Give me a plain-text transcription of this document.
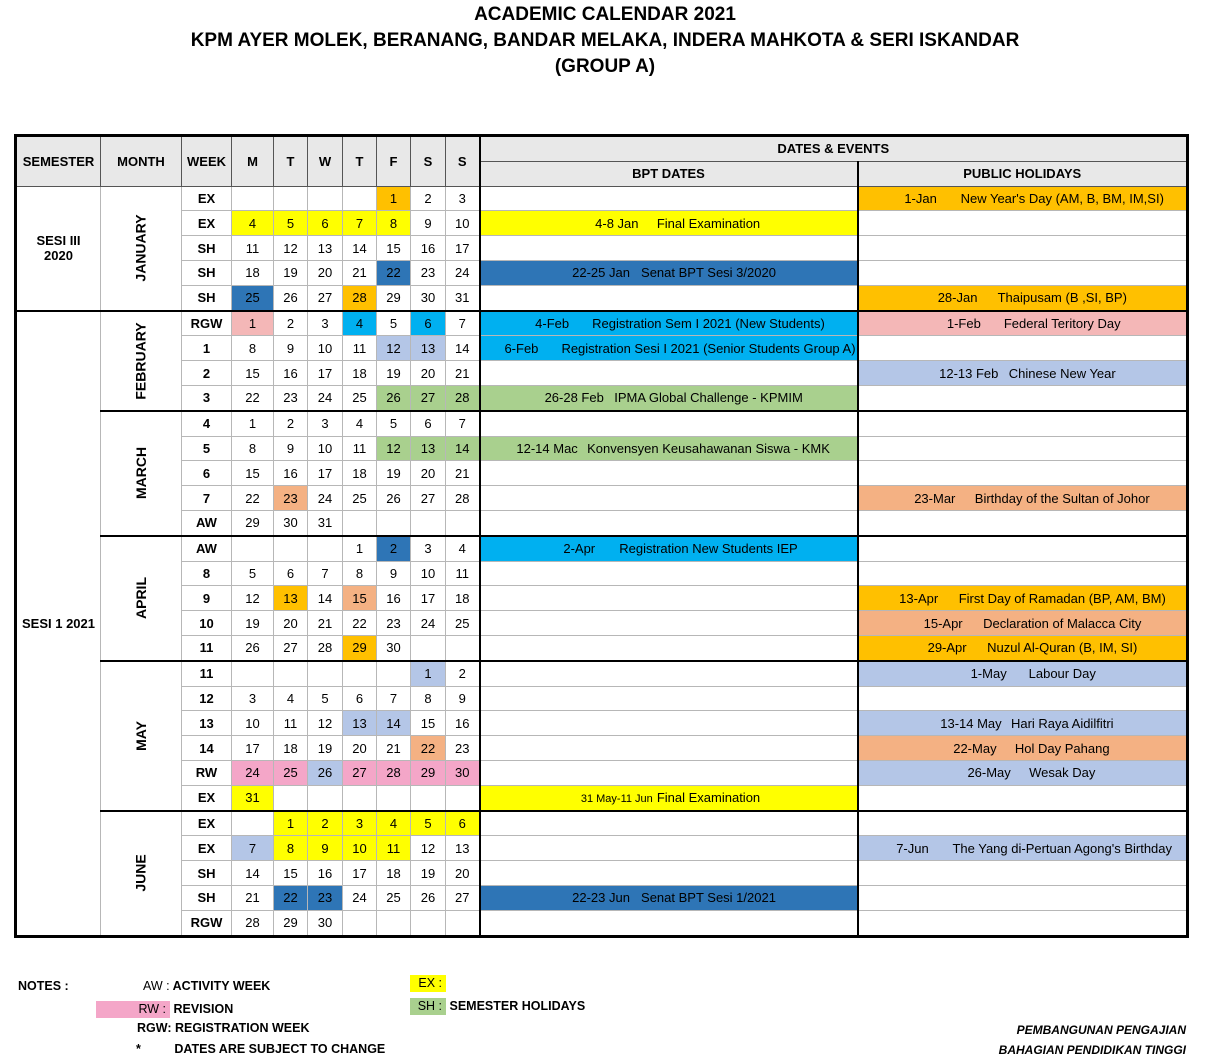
ACADEMIC CALENDAR 2021
KPM AYER MOLEK, BERANANG, BANDAR MELAKA, INDERA MAHKOTA & SERI ISKANDAR
(GROUP A)
SEMESTER	MONTH	WEEK	M	T	W	T	F	S	S	DATES & EVENTS	
										BPT DATES	PUBLIC HOLIDAYS

SESI III
2020	JANUARY	EX					1	2	3		1-Jan New Year's Day (AM, B, BM, IM,SI)
		EX	4	5	6	7	8	9	10	4-8 Jan Final Examination	
		SH	11	12	13	14	15	16	17		
		SH	18	19	20	21	22	23	24	22-25 Jan Senat BPT Sesi 3/2020	
		SH	25	26	27	28	29	30	31		28-Jan Thaipusam (B ,SI, BP)

SESI 1 2021	FEBRUARY	RGW	1	2	3	4	5	6	7	4-Feb Registration Sem I 2021 (New Students)	1-Feb Federal Teritory Day
		1	8	9	10	11	12	13	14	6-Feb Registration Sesi I 2021 (Senior Students Group A)	
		2	15	16	17	18	19	20	21		12-13 Feb Chinese New Year
		3	22	23	24	25	26	27	28	26-28 Feb IPMA Global Challenge - KPMIM	
	MARCH	4	1	2	3	4	5	6	7		
		5	8	9	10	11	12	13	14	12-14 Mac Konvensyen Keusahawanan Siswa - KMK	
		6	15	16	17	18	19	20	21		
		7	22	23	24	25	26	27	28		23-Mar Birthday of the Sultan of Johor
		AW	29	30	31						
	APRIL	AW				1	2	3	4	2-Apr Registration New Students IEP	
		8	5	6	7	8	9	10	11		
		9	12	13	14	15	16	17	18		13-Apr First Day of Ramadan (BP, AM, BM)
		10	19	20	21	22	23	24	25		15-Apr Declaration of Malacca City
		11	26	27	28	29	30				29-Apr Nuzul Al-Quran (B, IM, SI)
	MAY	11						1	2		1-May Labour Day
		12	3	4	5	6	7	8	9		
		13	10	11	12	13	14	15	16		13-14 May Hari Raya Aidilfitri
		14	17	18	19	20	21	22	23		22-May Hol Day Pahang
		RW	24	25	26	27	28	29	30		26-May Wesak Day
		EX	31							31 May-11 Jun Final Examination	
	JUNE	EX		1	2	3	4	5	6		
		EX	7	8	9	10	11	12	13		7-Jun The Yang di-Pertuan Agong's Birthday
		SH	14	15	16	17	18	19	20		
		SH	21	22	23	24	25	26	27	22-23 Jun Senat BPT Sesi 1/2021	
		RGW	28	29	30						
NOTES :	AW : ACTIVITY WEEK
RW : REVISION
RGW: REGISTRATION WEEK
*	DATES ARE SUBJECT TO CHANGE
EX :
SH : SEMESTER HOLIDAYS
PEMBANGUNAN PENGAJIAN
BAHAGIAN PENDIDIKAN TINGGI
